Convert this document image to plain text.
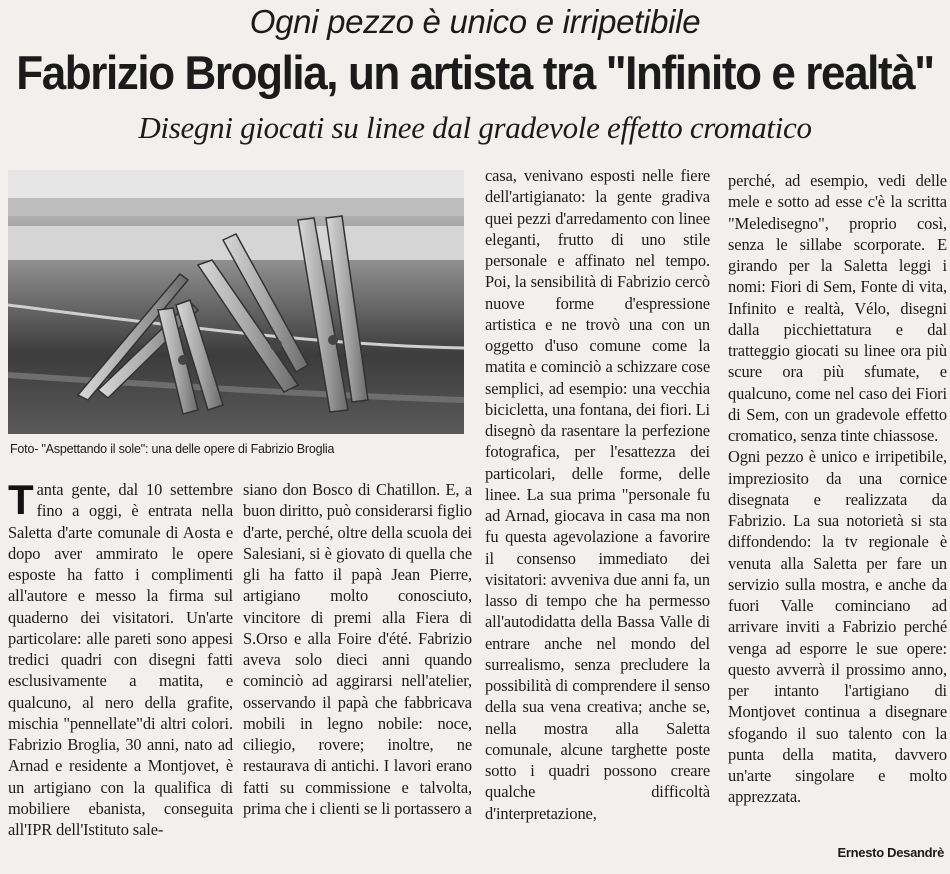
Ogni pezzo è unico e irripetibile
Fabrizio Broglia, un artista tra "Infinito e realtà"
Disegni giocati su linee dal gradevole effetto cromatico
Foto- "Aspettando il sole": una delle opere di Fabrizio Broglia
T anta gente, dal 10 settembre fino a oggi, è entrata nella Saletta d'arte comunale di Aosta e dopo aver ammirato le opere esposte ha fatto i complimenti all'autore e messo la firma sul quaderno dei visitatori. Un'arte particolare: alle pareti sono appesi tredici quadri con disegni fatti esclusivamente a matita, e qualcuno, al nero della grafite, mischia "pennellate"di altri colori. Fabrizio Broglia, 30 anni, nato ad Arnad e residente a Montjovet, è un artigiano con la qualifica di mobiliere ebanista, conseguita all'IPR dell'Istituto sale-
siano don Bosco di Chatillon. E, a buon diritto, può considerarsi figlio d'arte, perché, oltre della scuola dei Salesiani, si è giovato di quella che gli ha fatto il papà Jean Pierre, artigiano molto conosciuto, vincitore di premi alla Fiera di S.Orso e alla Foire d'été. Fabrizio aveva solo dieci anni quando cominciò ad aggirarsi nell'atelier, osservando il papà che fabbricava mobili in legno nobile: noce, ciliegio, rovere; inoltre, ne restaurava di antichi. I lavori erano fatti su commissione e talvolta, prima che i clienti se li portassero a
casa, venivano esposti nelle fiere dell'artigianato: la gente gradiva quei pezzi d'arredamento con linee eleganti, frutto di uno stile personale e affinato nel tempo. Poi, la sensibilità di Fabrizio cercò nuove forme d'espressione artistica e ne trovò una con un oggetto d'uso comune come la matita e cominciò a schizzare cose semplici, ad esempio: una vecchia bicicletta, una fontana, dei fiori. Li disegnò da rasentare la perfezione fotografica, per l'esattezza dei particolari, delle forme, delle linee. La sua prima "personale fu ad Arnad, giocava in casa ma non fu questa agevolazione a favorire il consenso immediato dei visitatori: avveniva due anni fa, un lasso di tempo che ha permesso all'autodidatta della Bassa Valle di entrare anche nel mondo del surrealismo, senza precludere la possibilità di comprendere il senso della sua vena creativa; anche se, nella mostra alla Saletta comunale, alcune targhette poste sotto i quadri possono creare qualche difficoltà d'interpretazione,

perché, ad esempio, vedi delle mele e sotto ad esse c'è la scritta "Meledisegno", proprio così, senza le sillabe scorporate. E girando per la Saletta leggi i nomi: Fiori di Sem, Fonte di vita, Infinito e realtà, Vélo, disegni dalla picchiettatura e dal tratteggio giocati su linee ora più scure ora più sfumate, e qualcuno, come nel caso dei Fiori di Sem, con un gradevole effetto cromatico, senza tinte chiassose.

Ogni pezzo è unico e irripetibile, impreziosito da una cornice disegnata e realizzata da Fabrizio. La sua notorietà si sta diffondendo: la tv regionale è venuta alla Saletta per fare un servizio sulla mostra, e anche da fuori Valle cominciano ad arrivare inviti a Fabrizio perché venga ad esporre le sue opere: questo avverrà il prossimo anno, per intanto l'artigiano di Montjovet continua a disegnare sfogando il suo talento con la punta della matita, davvero un'arte singolare e molto apprezzata.

Ernesto Desandrè
